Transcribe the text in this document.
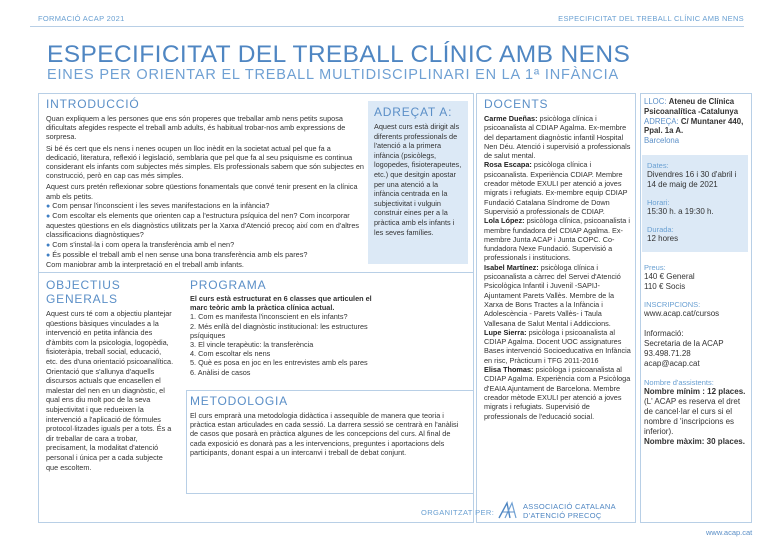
FORMACIÓ ACAP 2021	ESPECIFICITAT DEL TREBALL CLÍNIC AMB NENS
ESPECIFICITAT DEL TREBALL CLÍNIC AMB NENS
EINES PER ORIENTAR EL TREBALL MULTIDISCIPLINARI EN LA 1ª INFÀNCIA
INTRODUCCIÓ

Quan expliquem a les persones que ens són properes que treballar amb nens petits suposa dificultats afegides respecte el treball amb adults, és habitual trobar-nos amb expressions de sorpresa.

Si bé és cert que els nens i nenes ocupen un lloc inèdit en la societat actual pel que fa a dedicació, literatura, reflexió i legislació, semblaria que pel que fa al seu psiquisme es continua considerant els infants com subjectes més simples. Els professionals sabem que són subjectes en construcció, però en cap cas més simples.

Aquest curs pretén reflexionar sobre qüestions fonamentals que convé tenir present en la clínica amb els petits.

● Com pensar l'inconscient i les seves manifestacions en la infància?
● Com escoltar els elements que orienten cap a l'estructura psíquica del nen? Com incorporar aquestes qüestions en els diagnòstics utilitzats per la Xarxa d'Atenció precoç així com en d'altres classificacions diagnòstiques?
● Com s'instal·la i com opera la transferència amb el nen?
● És possible el treball amb el nen sense una bona transferència amb els pares?

Com maniobrar amb la interpretació en el treball amb infants.

ADREÇAT A:
Aquest curs està dirigit als diferents professionals de l'atenció a la primera infància (psicòlegs, logopedes, fisioterapeutes, etc.) que desitgin apostar per una atenció a la infància centrada en la subjectivitat i vulguin construir eines per a la pràctica amb els infants i les seves famílies.
OBJECTIUS GENERALS
Aquest curs té com a objectiu plantejar qüestions bàsiques vinculades a la intervenció en petita infància des d'àmbits com la psicologia, logopèdia, fisioteràpia, treball social, educació, etc. des d'una orientació psicoanalítica. Orientació que s'allunya d'aquells discursos actuals que encasellen el malestar del nen en un diagnòstic, el qual ens diu molt poc de la seva subjectivitat i que redueixen la intervenció a l'aplicació de fórmules protocol·litzades iguals per a tots. És a dir treballar de cara a trobar, precisament, la modalitat d'atenció personal i única per a cada subjecte que escoltem.
PROGRAMA

El curs està estructurat en 6 classes que articulen el marc teòric amb la pràctica clínica actual.

1. Com es manifesta l'inconscient en els infants?

2. Més enllà del diagnòstic institucional: les estructures psíquiques

3. El vincle terapèutic: la transferència

4. Com escoltar els nens

5. Què es posa en joc en les entrevistes amb els pares

6. Anàlisi de casos

METODOLOGIA
El curs emprarà una metodologia didàctica i assequible de manera que teoria i pràctica estan articulades en cada sessió. La darrera sessió se centrarà en l'anàlisi de casos que posarà en pràctica algunes de les concepcions del curs. Al final de cada exposició es donarà pas a les intervencions, preguntes i aportacions dels participants, donant espai a un intercanvi i treball de debat conjunt.
DOCENTS

Carme Dueñas: psicòloga clínica i psicoanalista al CDIAP Agalma. Ex-membre del departament diagnòstic infantil Hospital Nen Déu. Atenció i supervisió a professionals de salut mental.

Rosa Escapa: psicòloga clínica i psicoanalista. Experiència CDIAP. Membre creador mètode EXULI per atenció a joves migrats i refugiats. Ex-membre equip CDIAP Fundació Catalana Síndrome de Down Supervisió a professionals de CDIAP.

Lola López: psicòloga clínica, psicoanalista i membre fundadora del CDIAP Agalma. Ex-membre Junta ACAP i Junta COPC. Co-fundadora Nexe Fundació. Supervisió a professionals i institucions.

Isabel Martínez: psicòloga clínica i psicoanalista a càrrec del Servei d'Atenció Psicològica Infantil i Juvenil -SAPIJ- Ajuntament Parets Vallès. Membre de la Xarxa de Bons Tractes a la Infància i Adolescència - Parets Vallès- i Taula Vallesana de Salut Mental i Addiccions.

Lupe Sierra: psicòloga i psicoanalista al CDIAP Agalma. Docent UOC assignatures Bases intervenció Socioeducativa en Infància en risc, Pràcticum i TFG 2011-2016

Elisa Thomas: psicòloga i psicoanalista al CDIAP Agalma. Experiència com a Psicòloga d'EAIA Ajuntament de Barcelona. Membre creador mètode EXULI per atenció a joves migrats i refugiats. Supervisió de professionals de l'educació social.

LLOC: Ateneu de Clínica Psicoanalítica -Catalunya
ADREÇA: C/ Muntaner 440, Ppal. 1a A.
Barcelona
Dates:
Divendres 16 i 30 d'abril i 14 de maig de 2021
Horari:
15:30 h. a 19:30 h.
Durada:
12 hores
Preus:
140 € General
110 € Socis
INSCRIPCIONS:
www.acap.cat/cursos
Informació:
Secretaria de la ACAP
93.498.71.28
acap@acap.cat
Nombre d'assistents:
Nombre mínim : 12 places.
(L' ACAP es reserva el dret de cancel·lar el curs si el nombre d 'inscripcions es inferior).
Nombre màxim: 30 places.
www.acap.cat
ORGANITZAT PER:
ASSOCIACIÓ CATALANA
D'ATENCIÓ PRECOÇ
